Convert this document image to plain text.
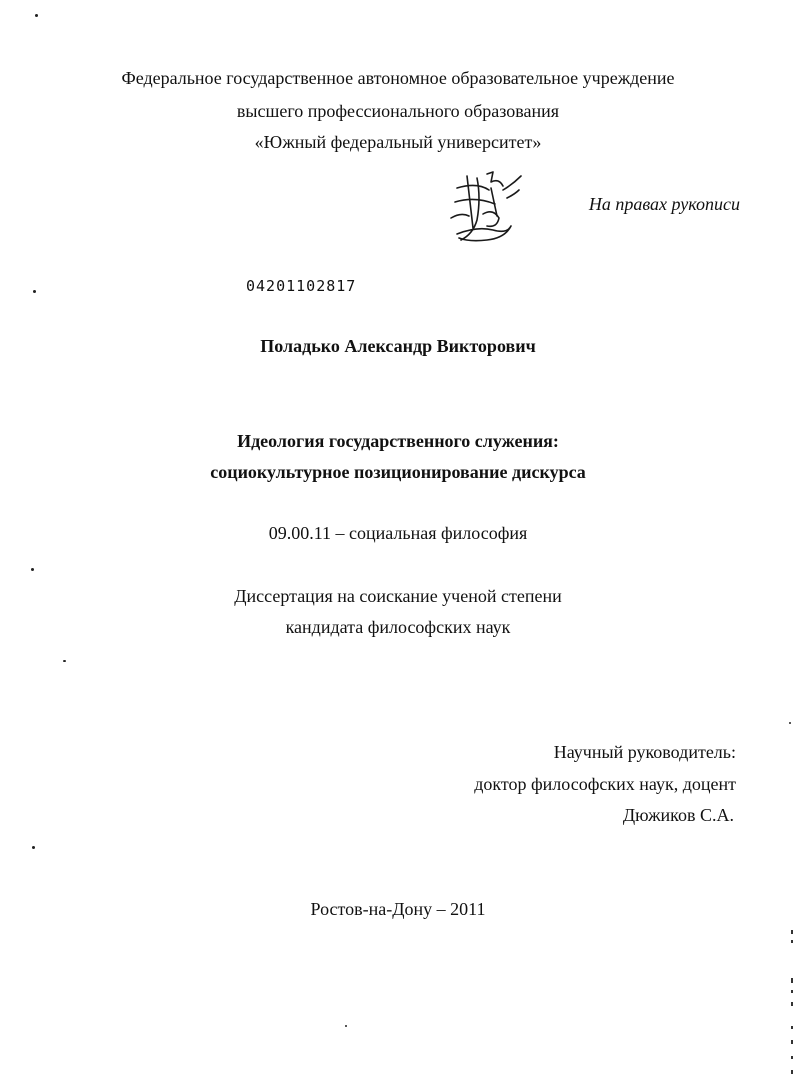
Федеральное государственное автономное образовательное учреждение
высшего профессионального образования
«Южный федеральный университет»
На правах рукописи
04201102817
Поладько Александр Викторович
Идеология государственного служения:
социокультурное позиционирование дискурса
09.00.11 – социальная философия
Диссертация на соискание ученой степени
кандидата философских наук
Научный руководитель:
доктор философских наук, доцент
Дюжиков С.А.
Ростов-на-Дону – 2011
